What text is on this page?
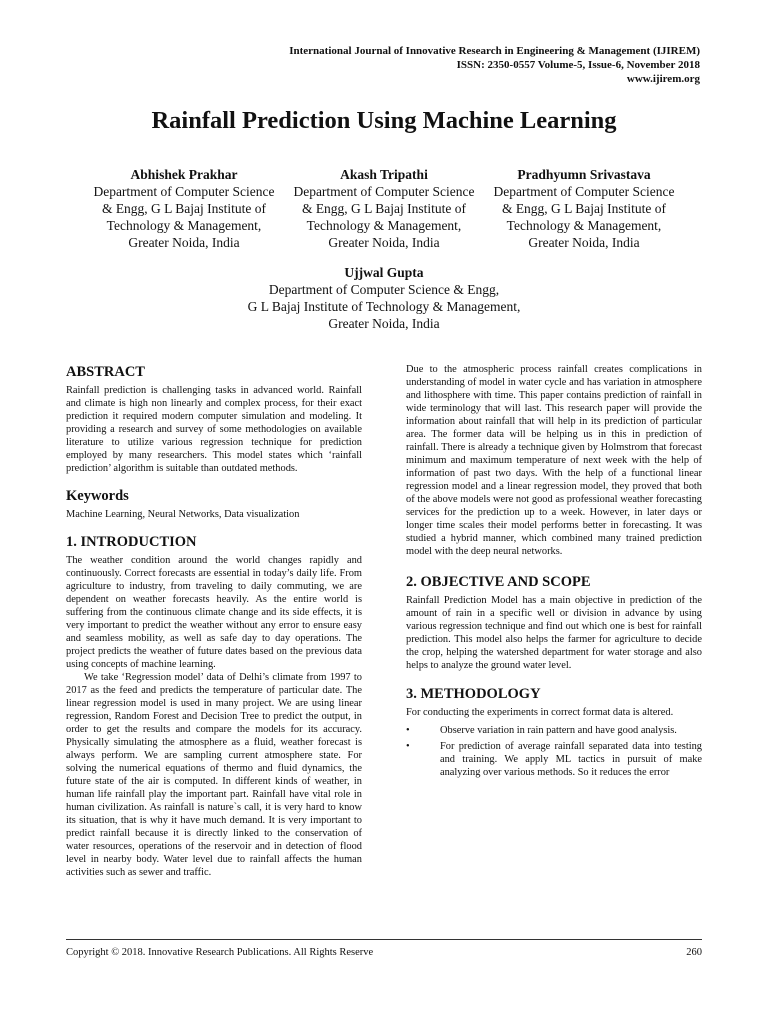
International Journal of Innovative Research in Engineering & Management (IJIREM)
ISSN: 2350-0557 Volume-5, Issue-6, November 2018
www.ijirem.org
Rainfall Prediction Using Machine Learning
Abhishek Prakhar
Department of Computer Science
& Engg, G L Bajaj Institute of
Technology & Management,
Greater Noida, India
Akash Tripathi
Department of Computer Science
& Engg, G L Bajaj Institute of
Technology & Management,
Greater Noida, India
Pradhyumn Srivastava
Department of Computer Science
& Engg, G L Bajaj Institute of
Technology & Management,
Greater Noida, India
Ujjwal Gupta
Department of Computer Science & Engg,
G L Bajaj Institute of Technology & Management,
Greater Noida, India
ABSTRACT

Rainfall prediction is challenging tasks in advanced world. Rainfall and climate is high non linearly and complex process, for their exact prediction it required modern computer simulation and modeling. It providing a research and survey of some methodologies on available literature to utilize various regression technique for prediction employed by many researchers. This model states which ‘rainfall prediction’ algorithm is suitable than outdated methods.

Keywords

Machine Learning, Neural Networks, Data visualization

1. INTRODUCTION

The weather condition around the world changes rapidly and continuously. Correct forecasts are essential in today’s daily life. From agriculture to industry, from traveling to daily commuting, we are dependent on weather forecasts heavily. As the entire world is suffering from the continuous climate change and its side effects, it is very important to predict the weather without any error to ensure easy and seamless mobility, as well as safe day to day operations. The project predicts the weather of future dates based on the previous data using concepts of machine learning.

We take ‘Regression model’ data of Delhi’s climate from 1997 to 2017 as the feed and predicts the temperature of particular date. The linear regression model is used in many project. We are using linear regression, Random Forest and Decision Tree to predict the output, in order to get the results and compare the models for its accuracy. Physically simulating the atmosphere as a fluid, weather forecast is always perform. We are sampling current atmosphere state. For solving the numerical equations of thermo and fluid dynamics, the future state of the air is computed. In different kinds of weather, in human life rainfall play the important part. Rainfall have vital role in human civilization. As rainfall is nature`s call, it is very hard to know its situation, that is why it have much demand. It is very important to predict rainfall because it is directly linked to the conservation of water resources, operations of the reservoir and in detection of flood level in nearby body. Water level due to rainfall affects the human activities such as sewer and traffic.

Due to the atmospheric process rainfall creates complications in understanding of model in water cycle and has variation in atmosphere and lithosphere with time. This paper contains prediction of rainfall in wide terminology that will last. This research paper will provide the information about rainfall that will help in its prediction of particular area. The former data will be helping us in this in prediction of rainfall. There is already a technique given by Holmstrom that forecast minimum and maximum temperature of next week with the help of information of past two days. With the help of a functional linear regression model and a linear regression model, they proved that both of the above models were not good as professional weather forecasting services for the prediction up to a week. However, in later days or longer time scales their model performs better in forecasting. It was studied a hybrid manner, which combined many trained prediction model with the deep neural networks.

2. OBJECTIVE AND SCOPE

Rainfall Prediction Model has a main objective in prediction of the amount of rain in a specific well or division in advance by using various regression technique and find out which one is best for rainfall prediction. This model also helps the farmer for agriculture to decide the crop, helping the watershed department for water storage and also helps to analyze the ground water level.

3. METHODOLOGY

For conducting the experiments in correct format data is altered.

•	Observe variation in rain pattern and have good analysis.
•	For prediction of average rainfall separated data into testing and training. We apply ML tactics in pursuit of make analyzing over various methods. So it reduces the error
Copyright © 2018. Innovative Research Publications. All Rights Reserve	260
